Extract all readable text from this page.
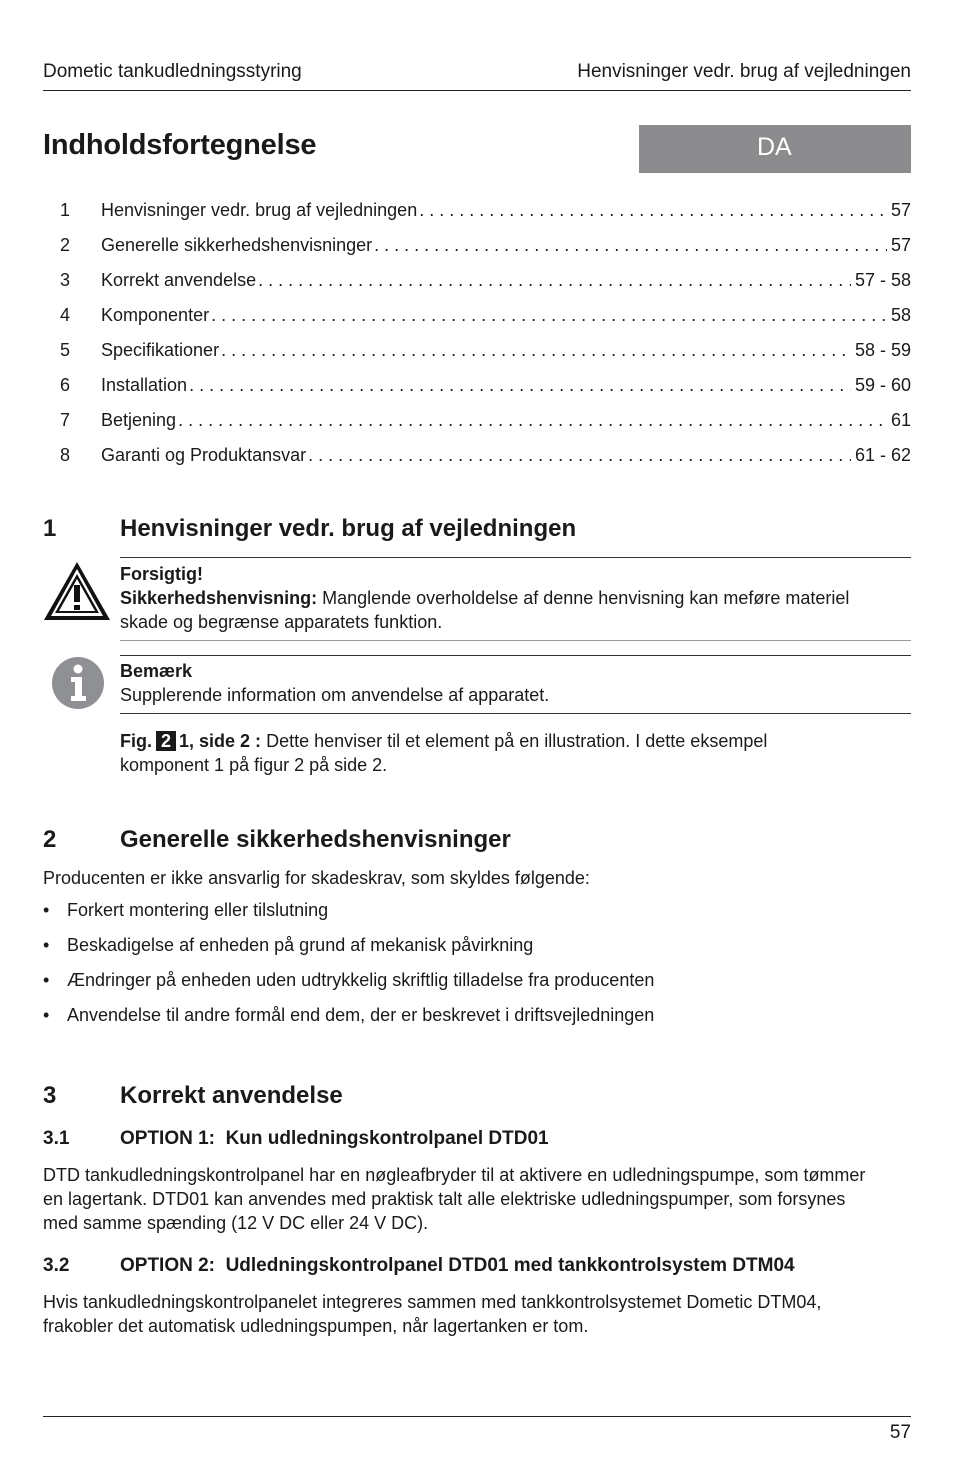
Dometic tankudledningsstyring	Henvisninger vedr. brug af vejledningen
Indholdsfortegnelse	DA
1 Henvisninger vedr. brug af vejledningen . . .	57
2 Generelle sikkerhedshenvisninger . . .	57
3 Korrekt anvendelse . . .	57 - 58
4 Komponenter . . .	58
5 Specifikationer . . .	58 - 59
6 Installation . . .	59 - 60
7 Betjening . . .	61
8 Garanti og Produktansvar . . .	61 - 62
1	Henvisninger vedr. brug af vejledningen
Forsigtig!
Sikkerhedshenvisning: Manglende overholdelse af denne henvisning kan meføre materiel
skade og begrænse apparatets funktion.
Bemærk
Supplerende information om anvendelse af apparatet.
Fig. 2 1, side 2 : Dette henviser til et element på en illustration. I dette eksempel
komponent 1 på figur 2 på side 2.
2	Generelle sikkerhedshenvisninger
Producenten er ikke ansvarlig for skadeskrav, som skyldes følgende:
• Forkert montering eller tilslutning
• Beskadigelse af enheden på grund af mekanisk påvirkning
• Ændringer på enheden uden udtrykkelig skriftlig tilladelse fra producenten
• Anvendelse til andre formål end dem, der er beskrevet i driftsvejledningen
3	Korrekt anvendelse
3.1	OPTION 1:  Kun udledningskontrolpanel DTD01
DTD tankudledningskontrolpanel har en nøgleafbryder til at aktivere en udledningspumpe, som tømmer
en lagertank. DTD01 kan anvendes med praktisk talt alle elektriske udledningspumper, som forsynes
med samme spænding (12 V DC eller 24 V DC).
3.2	OPTION 2:  Udledningskontrolpanel DTD01 med tankkontrolsystem DTM04
Hvis tankudledningskontrolpanelet integreres sammen med tankkontrolsystemet Dometic DTM04,
frakobler det automatisk udledningspumpen, når lagertanken er tom.
57
